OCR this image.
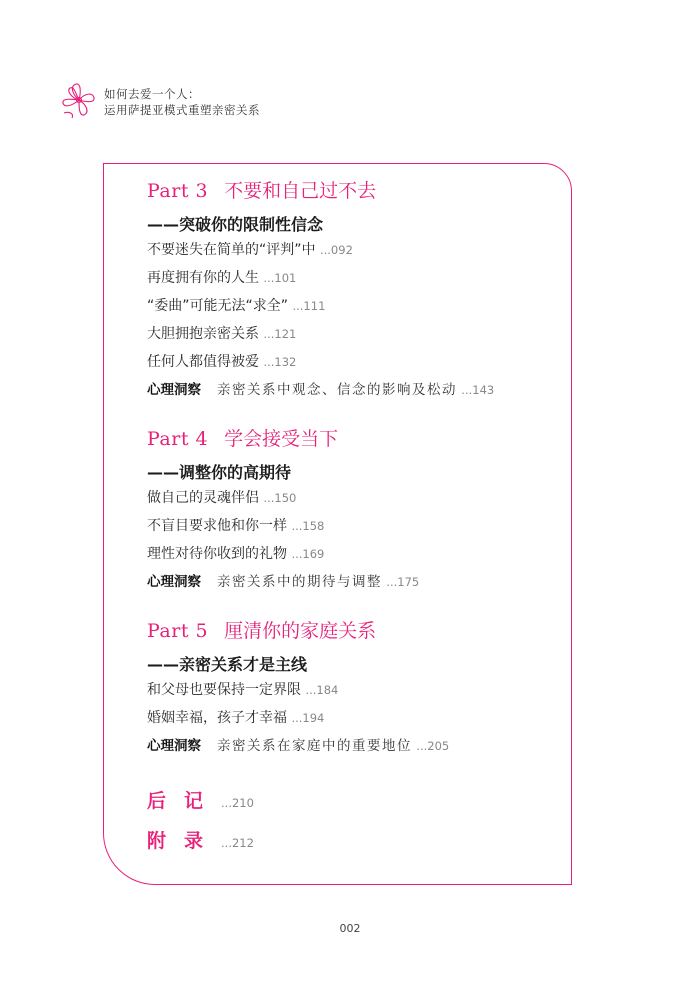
如何去爱一个人：
运用萨提亚模式重塑亲密关系
Part 3 不要和自己过不去
——突破你的限制性信念
不要迷失在简单的“评判”中 ...092
再度拥有你的人生 ...101
“委曲”可能无法“求全” ...111
大胆拥抱亲密关系 ...121
任何人都值得被爱 ...132
心理洞察 亲密关系中观念、信念的影响及松动 ...143
Part 4 学会接受当下
——调整你的高期待
做自己的灵魂伴侣 ...150
不盲目要求他和你一样 ...158
理性对待你收到的礼物 ...169
心理洞察 亲密关系中的期待与调整 ...175
Part 5 厘清你的家庭关系
——亲密关系才是主线
和父母也要保持一定界限 ...184
婚姻幸福，孩子才幸福 ...194
心理洞察 亲密关系在家庭中的重要地位 ...205
后记...210
附录...212
002
